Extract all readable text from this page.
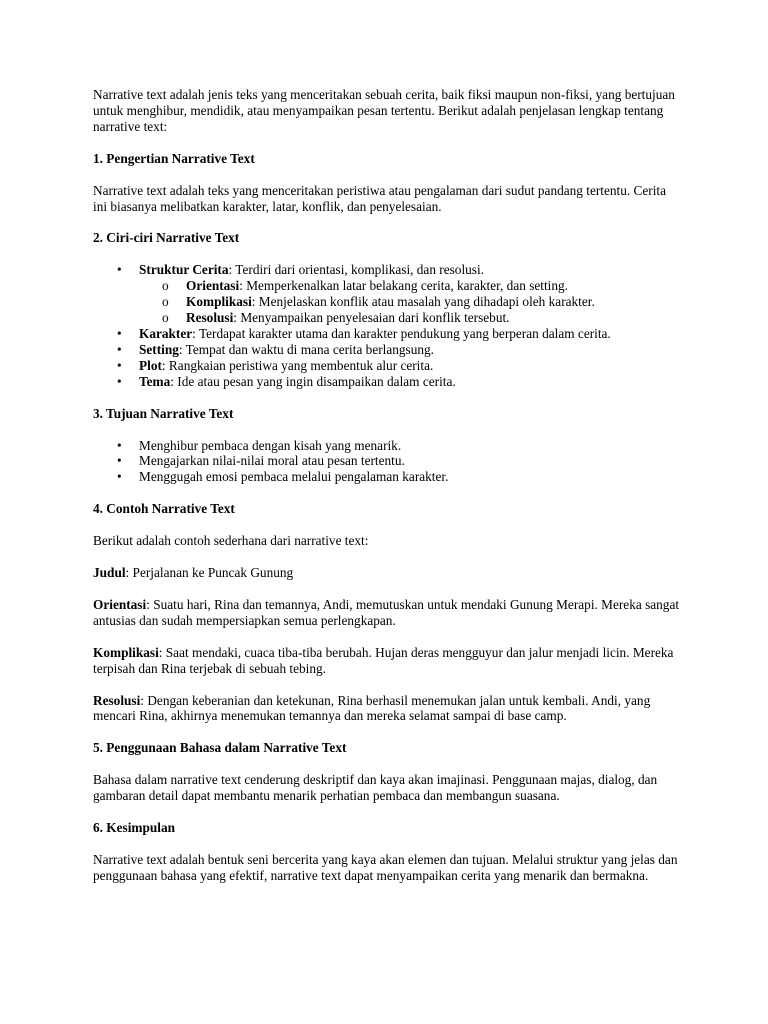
Narrative text adalah jenis teks yang menceritakan sebuah cerita, baik fiksi maupun non-fiksi, yang bertujuan untuk menghibur, mendidik, atau menyampaikan pesan tertentu. Berikut adalah penjelasan lengkap tentang narrative text:

1. Pengertian Narrative Text

Narrative text adalah teks yang menceritakan peristiwa atau pengalaman dari sudut pandang tertentu. Cerita ini biasanya melibatkan karakter, latar, konflik, dan penyelesaian.

2. Ciri-ciri Narrative Text
• Struktur Cerita: Terdiri dari orientasi, komplikasi, dan resolusi.
o Orientasi: Memperkenalkan latar belakang cerita, karakter, dan setting.
o Komplikasi: Menjelaskan konflik atau masalah yang dihadapi oleh karakter.
o Resolusi: Menyampaikan penyelesaian dari konflik tersebut.
• Karakter: Terdapat karakter utama dan karakter pendukung yang berperan dalam cerita.
• Setting: Tempat dan waktu di mana cerita berlangsung.
• Plot: Rangkaian peristiwa yang membentuk alur cerita.
• Tema: Ide atau pesan yang ingin disampaikan dalam cerita.
3. Tujuan Narrative Text
• Menghibur pembaca dengan kisah yang menarik.
• Mengajarkan nilai-nilai moral atau pesan tertentu.
• Menggugah emosi pembaca melalui pengalaman karakter.
4. Contoh Narrative Text

Berikut adalah contoh sederhana dari narrative text:

Judul: Perjalanan ke Puncak Gunung

Orientasi: Suatu hari, Rina dan temannya, Andi, memutuskan untuk mendaki Gunung Merapi. Mereka sangat antusias dan sudah mempersiapkan semua perlengkapan.

Komplikasi: Saat mendaki, cuaca tiba-tiba berubah. Hujan deras mengguyur dan jalur menjadi licin. Mereka terpisah dan Rina terjebak di sebuah tebing.

Resolusi: Dengan keberanian dan ketekunan, Rina berhasil menemukan jalan untuk kembali. Andi, yang mencari Rina, akhirnya menemukan temannya dan mereka selamat sampai di base camp.

5. Penggunaan Bahasa dalam Narrative Text

Bahasa dalam narrative text cenderung deskriptif dan kaya akan imajinasi. Penggunaan majas, dialog, dan gambaran detail dapat membantu menarik perhatian pembaca dan membangun suasana.

6. Kesimpulan

Narrative text adalah bentuk seni bercerita yang kaya akan elemen dan tujuan. Melalui struktur yang jelas dan penggunaan bahasa yang efektif, narrative text dapat menyampaikan cerita yang menarik dan bermakna.
